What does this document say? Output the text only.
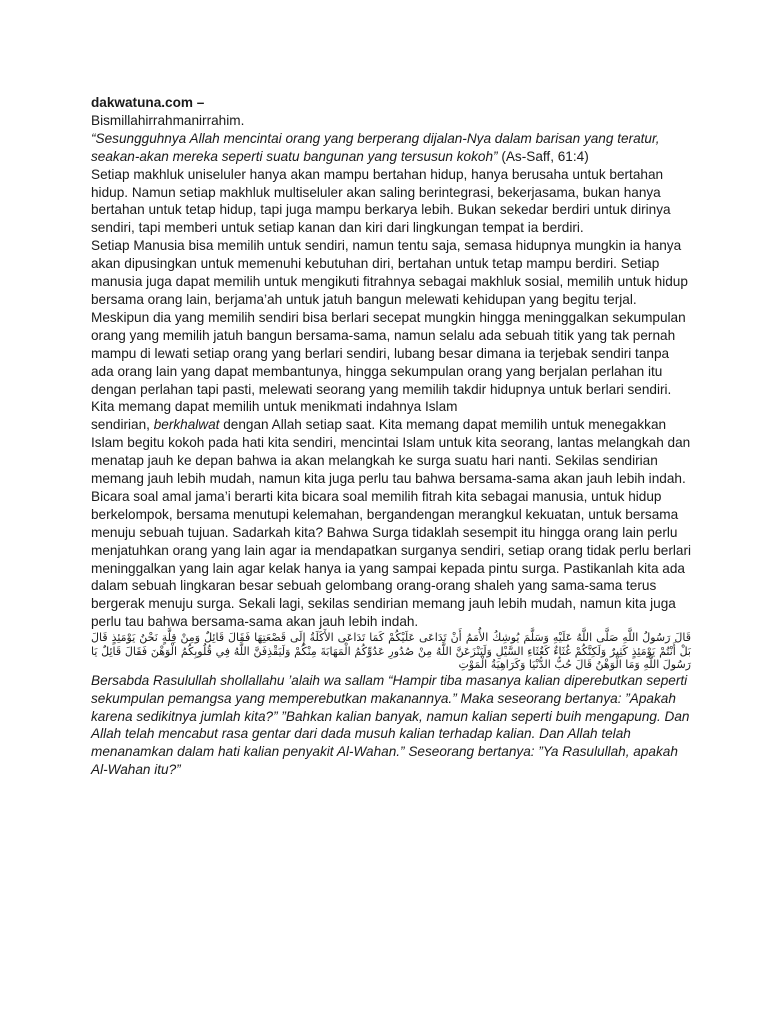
dakwatuna.com –

Bismillahirrahmanirrahim.

“Sesungguhnya Allah mencintai orang yang berperang dijalan-Nya dalam barisan yang teratur, seakan-akan mereka seperti suatu bangunan yang tersusun kokoh” (As-Saff, 61:4)

Setiap makhluk uniseluler hanya akan mampu bertahan hidup, hanya berusaha untuk bertahan hidup. Namun setiap makhluk multiseluler akan saling berintegrasi, bekerjasama, bukan hanya bertahan untuk tetap hidup, tapi juga mampu berkarya lebih. Bukan sekedar berdiri untuk dirinya sendiri, tapi memberi untuk setiap kanan dan kiri dari lingkungan tempat ia berdiri.

Setiap Manusia bisa memilih untuk sendiri, namun tentu saja, semasa hidupnya mungkin ia hanya akan dipusingkan untuk memenuhi kebutuhan diri, bertahan untuk tetap mampu berdiri. Setiap manusia juga dapat memilih untuk mengikuti fitrahnya sebagai makhluk sosial, memilih untuk hidup bersama orang lain, berjama’ah untuk jatuh bangun melewati kehidupan yang begitu terjal. Meskipun dia yang memilih sendiri bisa berlari secepat mungkin hingga meninggalkan sekumpulan orang yang memilih jatuh bangun bersama-sama, namun selalu ada sebuah titik yang tak pernah mampu di lewati setiap orang yang berlari sendiri, lubang besar dimana ia terjebak sendiri tanpa ada orang lain yang dapat membantunya, hingga sekumpulan orang yang berjalan perlahan itu dengan perlahan tapi pasti, melewati seorang yang memilih takdir hidupnya untuk berlari sendiri.

Kita memang dapat memilih untuk menikmati indahnya Islam

sendirian, berkhalwat dengan Allah setiap saat. Kita memang dapat memilih untuk menegakkan Islam begitu kokoh pada hati kita sendiri, mencintai Islam untuk kita seorang, lantas melangkah dan menatap jauh ke depan bahwa ia akan melangkah ke surga suatu hari nanti. Sekilas sendirian memang jauh lebih mudah, namun kita juga perlu tau bahwa bersama-sama akan jauh lebih indah.

Bicara soal amal jama’i berarti kita bicara soal memilih fitrah kita sebagai manusia, untuk hidup berkelompok, bersama menutupi kelemahan, bergandengan merangkul kekuatan, untuk bersama menuju sebuah tujuan. Sadarkah kita? Bahwa Surga tidaklah sesempit itu hingga orang lain perlu menjatuhkan orang yang lain agar ia mendapatkan surganya sendiri, setiap orang tidak perlu berlari meninggalkan yang lain agar kelak hanya ia yang sampai kepada pintu surga. Pastikanlah kita ada dalam sebuah lingkaran besar sebuah gelombang orang-orang shaleh yang sama-sama terus bergerak menuju surga. Sekali lagi, sekilas sendirian memang jauh lebih mudah, namun kita juga perlu tau bahwa bersama-sama akan jauh lebih indah.

قَالَ رَسُولُ اللَّهِ صَلَّى اللَّهُ عَلَيْهِ وَسَلَّمَ يُوشِكُ الأُمَمُ أَنْ تَدَاعَى عَلَيْكُمْ كَمَا تَدَاعَى الأَكَلَةُ إِلَى قَصْعَتِهَا فَقَالَ قَائِلٌ وَمِنْ قِلَّةٍ نَحْنُ يَوْمَئِذٍ قَالَ بَلْ أَنْتُمْ يَوْمَئِذٍ كَثِيرٌ وَلَكِنَّكُمْ غُثَاءٌ كَغُثَاءِ السَّيْلِ وَلَيَنْزَعَنَّ اللَّهُ مِنْ صُدُورِ عَدُوِّكُمُ الْمَهَابَةَ مِنْكُمْ وَلَيَقْذِفَنَّ اللَّهُ فِي قُلُوبِكُمُ الْوَهْنَ فَقَالَ قَائِلٌ يَا رَسُولَ اللَّهِ وَمَا الْوَهْنُ قَالَ حُبُّ الدُّنْيَا وَكَرَاهِيَةُ الْمَوْتِ

Bersabda Rasulullah shollallahu ’alaih wa sallam “Hampir tiba masanya kalian diperebutkan seperti sekumpulan pemangsa yang memperebutkan makanannya.” Maka seseorang bertanya: ”Apakah karena sedikitnya jumlah kita?” ”Bahkan kalian banyak, namun kalian seperti buih mengapung. Dan Allah telah mencabut rasa gentar dari dada musuh kalian terhadap kalian. Dan Allah telah menanamkan dalam hati kalian penyakit Al-Wahan.” Seseorang bertanya: ”Ya Rasulullah, apakah Al-Wahan itu?”
